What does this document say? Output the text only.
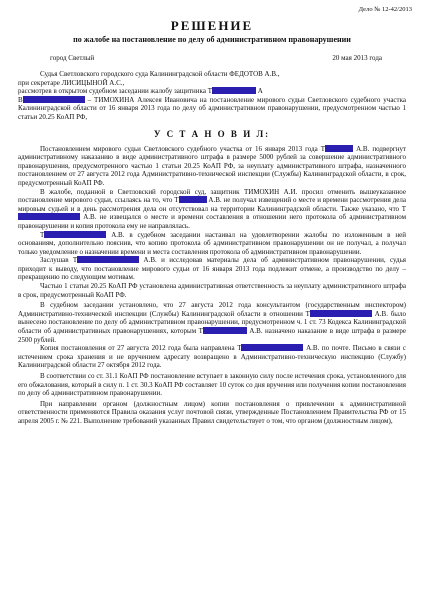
Дело № 12-42/2013
РЕШЕНИЕ
по жалобе на постановление по делу об административном правонарушении
город Светлый	20 мая 2013 года

Судья Светловского городского суда Калининградской области ФЕДОТОВ А.В.,

при секретаре ЛИСИЦЫНОЙ А.С.,

рассмотрев в открытом судебном заседании жалобу защитника Т	А
В	– ТИМОХИНА Алексея Ивановича на постановление мирового судьи Светловского судебного участка Калининградской области от 16 января 2013 года по делу об административном правонарушении, предусмотренном частью 1 статьи 20.25 КоАП РФ,

У С Т А Н О В И Л:

Постановлением мирового судьи Светловского судебного участка от 16 января 2013 года Т	А.В. подвергнут административному наказанию в виде административного штрафа в размере 5000 рублей за совершение административного правонарушения, предусмотренного частью 1 статьи 20.25 КоАП РФ, за неуплату административного штрафа, назначенного постановлением от 27 августа 2012 года Административно-технической инспекции (Службы) Калининградской области, в срок, предусмотренный КоАП РФ.

В жалобе, поданной в Светловский городской суд, защитник ТИМОХИН А.И. просил отменить вышеуказанное постановление мирового судьи, ссылаясь на то, что Т	А.В. не получал извещений о месте и времени рассмотрения дела мировым судьей и в день рассмотрения дела он отсутствовал на территории Калининградской области. Также указано, что Т А.В. не извещался о месте и времени составления в отношении него протокола об административном правонарушении и копия протокола ему не направлялась.

Т	А.В. в судебном заседании настаивал на удовлетворении жалобы по изложенным в ней основаниям, дополнительно пояснив, что копию протокола об административном правонарушении он не получал, а получал только уведомление о назначении времени и места составления протокола об административном правонарушении.

Заслушав Т	А.В. и исследовав материалы дела об административном правонарушении, судья приходит к выводу, что постановление мирового судьи от 16 января 2013 года подлежит отмене, а производство по делу – прекращению по следующим мотивам.

Частью 1 статьи 20.25 КоАП РФ установлена административная ответственность за неуплату административного штрафа в срок, предусмотренный КоАП РФ.

В судебном заседании установлено, что 27 августа 2012 года консультантом (государственным инспектором) Административно-технической инспекции (Службы) Калининградской области в отношении Т	А.В. было вынесено постановление по делу об административном правонарушении, предусмотренном ч. 1 ст. 73 Кодекса Калининградской области об административных правонарушениях, которым Т	А.В. назначено наказание в виде штрафа в размере 2500 рублей.

Копия постановления от 27 августа 2012 года была направлена Т	А.В. по почте. Письмо в связи с истечением срока хранения и не вручением адресату возвращено в Административно-техническую инспекцию (Службу) Калининградской области 27 октября 2012 года.

В соответствии со ст. 31.1 КоАП РФ постановление вступает в законную силу после истечения срока, установленного для его обжалования, который в силу п. 1 ст. 30.3 КоАП РФ составляет 10 суток со дня вручения или получения копии постановления по делу об административном правонарушении.

При направлении органом (должностным лицом) копии постановления о привлечении к административной ответственности применяются Правила оказания услуг почтовой связи, утвержденные Постановлением Правительства РФ от 15 апреля 2005 г. № 221. Выполнение требований указанных Правил свидетельствует о том, что органом (должностным лицом),
